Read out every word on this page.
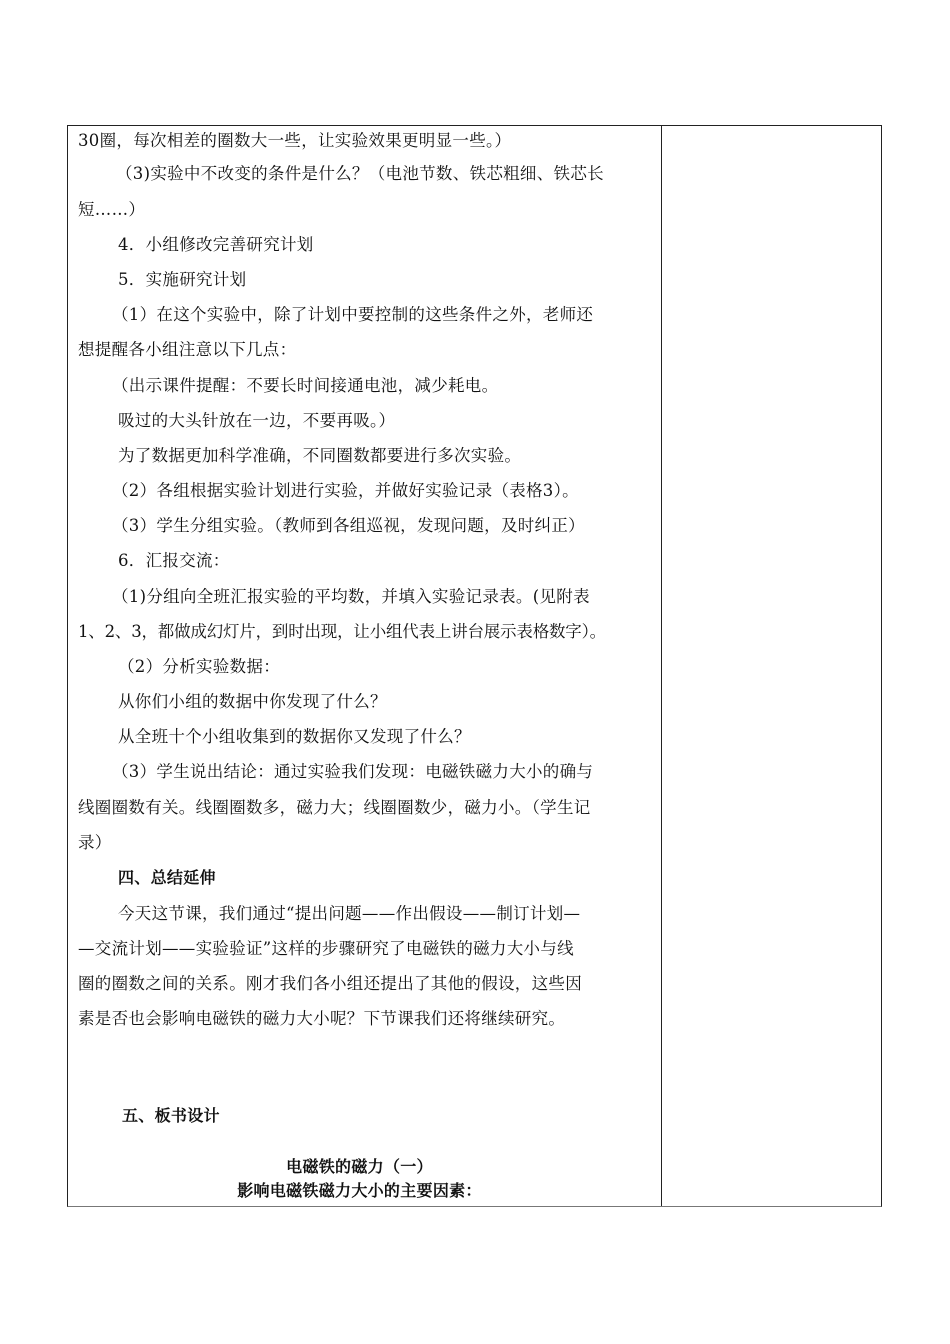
30圈，每次相差的圈数大一些，让实验效果更明显一些。）
（3)实验中不改变的条件是什么？（电池节数、铁芯粗细、铁芯长
短……）
4．小组修改完善研究计划
5．实施研究计划
（1）在这个实验中，除了计划中要控制的这些条件之外，老师还
想提醒各小组注意以下几点：
（出示课件提醒：不要长时间接通电池，减少耗电。
吸过的大头针放在一边，不要再吸。）
为了数据更加科学准确，不同圈数都要进行多次实验。
（2）各组根据实验计划进行实验，并做好实验记录（表格3）。
（3）学生分组实验。（教师到各组巡视，发现问题，及时纠正）
6．汇报交流：
（1)分组向全班汇报实验的平均数，并填入实验记录表。(见附表
1、2、3，都做成幻灯片，到时出现，让小组代表上讲台展示表格数字）。
（2）分析实验数据：
从你们小组的数据中你发现了什么？
从全班十个小组收集到的数据你又发现了什么？
（3）学生说出结论：通过实验我们发现：电磁铁磁力大小的确与
线圈圈数有关。线圈圈数多，磁力大；线圈圈数少，磁力小。（学生记
录）
四、总结延伸
今天这节课，我们通过“提出问题——作出假设——制订计划—
—交流计划——实验验证”这样的步骤研究了电磁铁的磁力大小与线
圈的圈数之间的关系。刚才我们各小组还提出了其他的假设，这些因
素是否也会影响电磁铁的磁力大小呢？下节课我们还将继续研究。
五、板书设计
电磁铁的磁力（一）
影响电磁铁磁力大小的主要因素：
